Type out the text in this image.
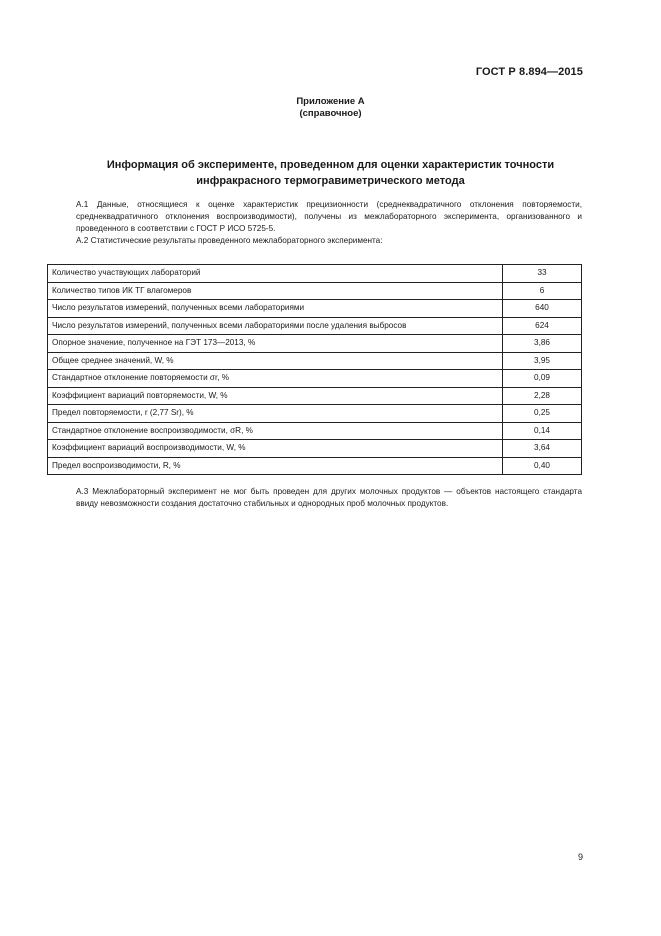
ГОСТ Р 8.894—2015
Приложение А
(справочное)
Информация об эксперименте, проведенном для оценки характеристик точности
инфракрасного термогравиметрического метода
А.1 Данные, относящиеся к оценке характеристик прецизионности (среднеквадратичного отклонения повторяемости, среднеквадратичного отклонения воспроизводимости), получены из межлабораторного эксперимента, организованного и проведенного в соответствии с ГОСТ Р ИСО 5725-5.
А.2 Статистические результаты проведенного межлабораторного эксперимента:
Количество участвующих лабораторий	33
Количество типов ИК ТГ влагомеров	6
Число результатов измерений, полученных всеми лабораториями	640
Число результатов измерений, полученных всеми лабораториями после удаления выбросов	624
Опорное значение, полученное на ГЭТ 173—2013, %	3,86
Общее среднее значений, W, %	3,95
Стандартное отклонение повторяемости σr, %	0,09
Коэффициент вариаций повторяемости, W, %	2,28
Предел повторяемости, r (2,77 Sr), %	0,25
Стандартное отклонение воспроизводимости, σR, %	0,14
Коэффициент вариаций воспроизводимости, W, %	3,64
Предел воспроизводимости, R, %	0,40
А.3 Межлабораторный эксперимент не мог быть проведен для других молочных продуктов — объектов настоящего стандарта ввиду невозможности создания достаточно стабильных и однородных проб молочных продуктов.
9
